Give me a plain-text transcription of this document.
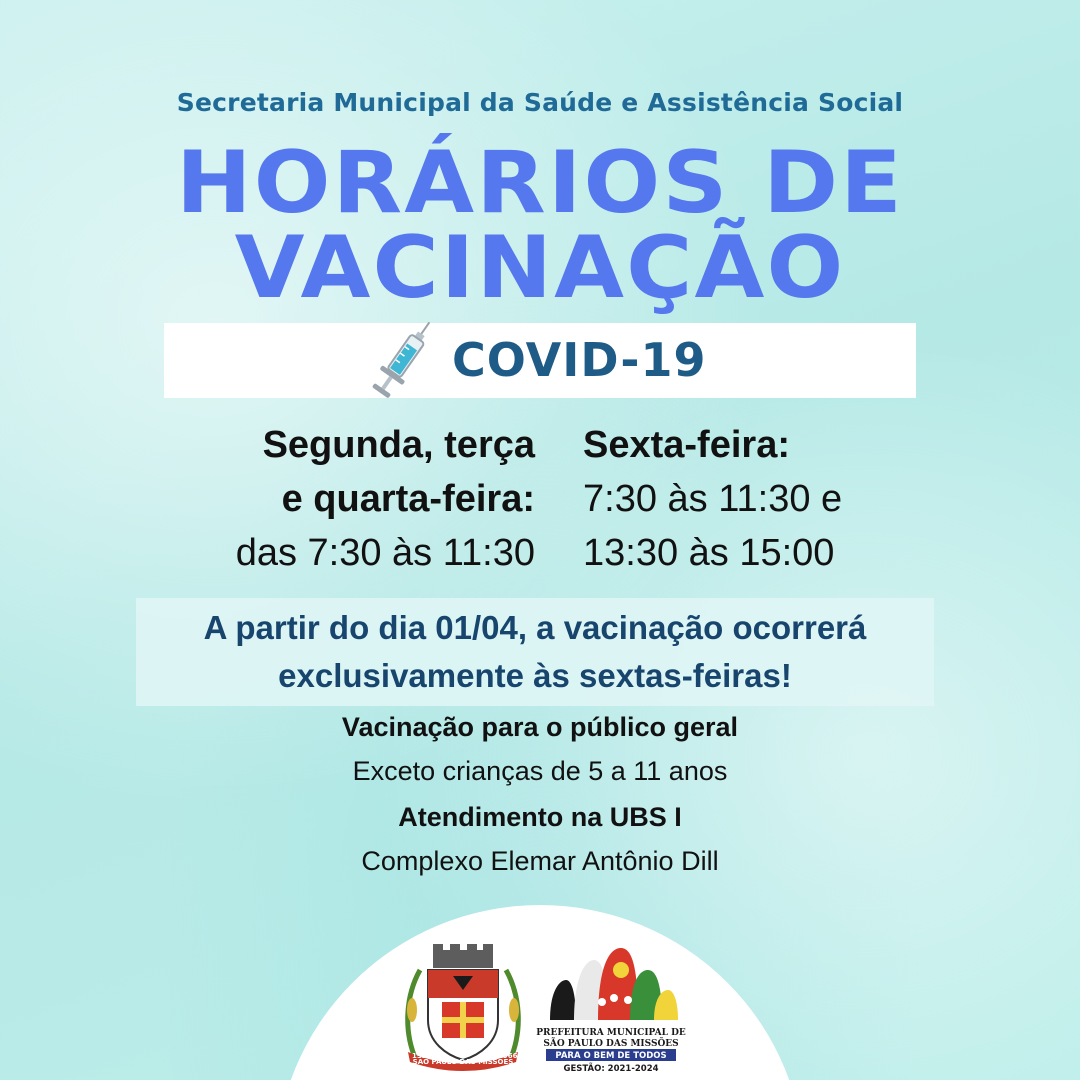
Secretaria Municipal da Saúde e Assistência Social
HORÁRIOS DE
VACINAÇÃO
COVID-19
Segunda, terça
e quarta-feira:
das 7:30 às 11:30
Sexta-feira:
7:30 às 11:30 e
13:30 às 15:00
A partir do dia 01/04, a vacinação ocorrerá
exclusivamente às sextas-feiras!
Vacinação para o público geral
Exceto crianças de 5 a 11 anos
Atendimento na UBS I
Complexo Elemar Antônio Dill
SÃO PAULO DAS MISSÕES
1931	1966
PREFEITURA MUNICIPAL DE
SÃO PAULO DAS MISSÕES
PARA O BEM DE TODOS
GESTÃO: 2021-2024
